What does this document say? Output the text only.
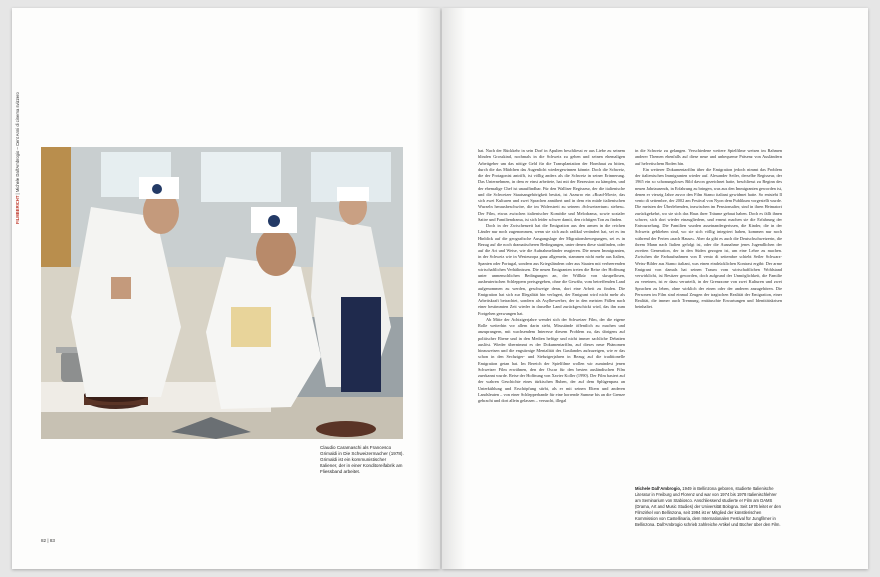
FILMBERICHT | Michele Dall'Ambrogio – Cent Anni di cinema svizzero
Claudio Caramaschi als Francesco Grimaldi in Die Schweizermacher (1978). Grimaldi ist ein kommunistischer Italiener, der in einer Konditoreifabrik am Fliessband arbeitet.
82 | 83

hat. Nach der Rückkehr in sein Dorf in Apulien beschliesst er aus Liebe zu seinem blinden Grosskind, nochmals in die Schweiz zu gehen und seinen ehemaligen Arbeitgeber um das nötige Geld für die Transplantation der Hornhaut zu bitten, durch die das Mädchen das Augenlicht wiedergewinnen könnte. Doch die Schweiz, die der Protagonist antrifft, ist völlig anders als die Schweiz in seiner Erinnerung. Das Unternehmen, in dem er einst arbeitete, hat mit der Rezession zu kämpfen, und der ehemalige Chef ist unauffindbar. Für den Walliser Regisseur, der die italienische und die Schweizer Staatsangehörigkeit besitzt, ist Azzurro ein «Road-Movie, das sich zwei Kulturen und zwei Sprachen annähert und in dem ein müde italienischen Wurzeln herausbeschwöre, die im Widerstreit zu seinem ‹Schweizertum› stehen». Der Film, etwas zwischen italienischer Komödie und Melodrama, sowie sozialer Satire und Familiendrama, ist sich leider schwer damit, den richtigen Ton zu finden.

Doch in der Zwischenzeit hat die Emigration aus den armen in die reichen Länder nur noch zugenommen, wenn sie sich auch radikal verändert hat, sei es im Hinblick auf die geografische Ausgangslage der Migrationsbewegungen, sei es in Bezug auf die noch dramatischeren Bedingungen, unter denen diese stattfinden, oder auf die Art und Weise, wie die Aufnahmeländer reagieren. Die neuen Immigranten, in der Schweiz wie in Westeuropa ganz allgemein, stammen nicht mehr aus Italien, Spanien oder Portugal, sondern aus Kriegsländern oder aus Staaten mit verheerenden wirtschaftlichen Verhältnissen. Die neuen Emigranten treten die Reise der Hoffnung unter unmenschlichen Bedingungen an, der Willkür von skrupellosen, ausbeuterischen Schleppern preisgegeben, ohne die Gewähr, vom betreffenden Land aufgenommen zu werden, geschweige denn, dort eine Arbeit zu finden. Die Emigration hat sich zur Illegalität hin verlagert, der Emigrant wird nicht mehr als Arbeitskraft betrachtet, sondern als Asylbewerber, der in den meisten Fällen nach einer bestimmten Zeit wieder in dasselbe Land zurückgeschickt wird, das ihn zum Fortgehen gezwungen hat.

Ab Mitte der Achtzigerjahre wendet sich der Schweizer Film, der die eigene Rolle weiterhin vor allem darin sieht, Missstände öffentlich zu machen und anzuprangern, mit wachsendem Interesse diesem Problem zu, das übrigens auf politischer Ebene und in den Medien heftige und nicht immer sachliche Debatten auslöst. Wieder übernimmt es der Dokumentarfilm, auf dieses neue Phänomen hinzuweisen und die engstirnige Mentalität des Gastlandes aufzuzeigen, wie er das schon in den Sechziger- und Siebzigerjahren in Bezug auf die traditionelle Emigration getan hat. Im Bereich der Spielfilme wollen wir zumindest jenen Schweizer Film erwähnen, den der Oscar für den besten ausländischen Film zuerkannt wurde. Reise der Hoffnung von Xavier Koller (1990). Der Film basiert auf der wahren Geschichte eines türkischen Buben, der auf dem Splügenpass an Unterkühlung und Erschöpfung stirbt, als er mit seinen Eltern und anderen Landsleuten – von einer Schlepperbande für eine horrende Summe bis an die Grenze gebracht und dort allein gelassen – versucht, illegal

in die Schweiz zu gelangen. Verschiedene weitere Spielfilme weisen im Rahmen anderer Themen ebenfalls auf diese neue und unbequeme Präsenz von Ausländern auf helvetischem Boden hin.

Ein weiterer Dokumentarfilm über die Emigration jedoch nimmt das Problem der italienischen Immigranten wieder auf. Alexander Seiler, derselbe Regisseur, der 1965 ein so schonungsloses Bild davon gezeichnet hatte, beschliesst zu Beginn des neuen Jahrtausends, in Erfahrung zu bringen, was aus den Immigranten geworden ist, denen er vierzig Jahre zuvor den Film Siamo italiani gewidmet hatte. So entsteht Il vento di settembre, der 2002 am Festival von Nyon dem Publikum vorgestellt wurde. Die meisten der Überlebenden, inzwischen im Pensionsalter, sind in ihren Heimatort zurückgekehrt, wo sie sich das Haus ihrer Träume gebaut haben. Doch es fällt ihnen schwer, sich dort wieder einzugliedern, und erneut machen sie die Erfahrung der Entwurzelung. Die Familien wurden auseinandergerissen, die Kinder, die in der Schweiz geblieben sind, wo sie sich völlig integriert haben, kommen nur noch während der Ferien «nach Hause». Aber da gibt es auch die Deutschschweizerin, die ihrem Mann nach Italien gefolgt ist, oder die Ausnahme jenes Jugendlichen der zweiten Generation, der in den Süden gezogen ist, um eine Lehre zu machen. Zwischen die Farbaufnahmen von Il vento di settembre schiebt Seiler Schwarz-Weiss-Bilder aus Siamo italiani, was einen eindrücklichen Kontrast ergibt: Der arme Emigrant von damals hat seinen Traum vom wirtschaftlichen Wohlstand verwirklicht, ist Besitzer geworden, doch aufgrund der Unmöglichkeit, die Familie zu vereinen, ist er dazu verurteilt, in der Grenzzone von zwei Kulturen und zwei Sprachen zu leben, ohne wirklich der einen oder der anderen anzugehören. Die Personen im Film sind einmal Zeugen der tragischen Realität der Emigration, einer Realität, die immer auch Trennung, enttäuschte Erwartungen und Identitätskrisen beinhaltet.

Michele Dall'Ambrogio, 1949 in Bellinzona geboren, studierte Italienische Literatur in Freiburg und Florenz und war von 1974 bis 1978 Italienischlehrer am Seminarium von Stabiosco. Anschliessend studierte er Film am DAMS (Drama, Art and Music Studies) der Universität Bologna. Seit 1976 leitet er den Filmzirkel von Bellinzona, seit 1994 ist er Mitglied der künstlerischen Kommission von Castellinaria, dem Internationalen Festival für Jungfilmer in Bellinzona. Dall'Ambrogio schrieb zahlreiche Artikel und Bücher über den Film.
